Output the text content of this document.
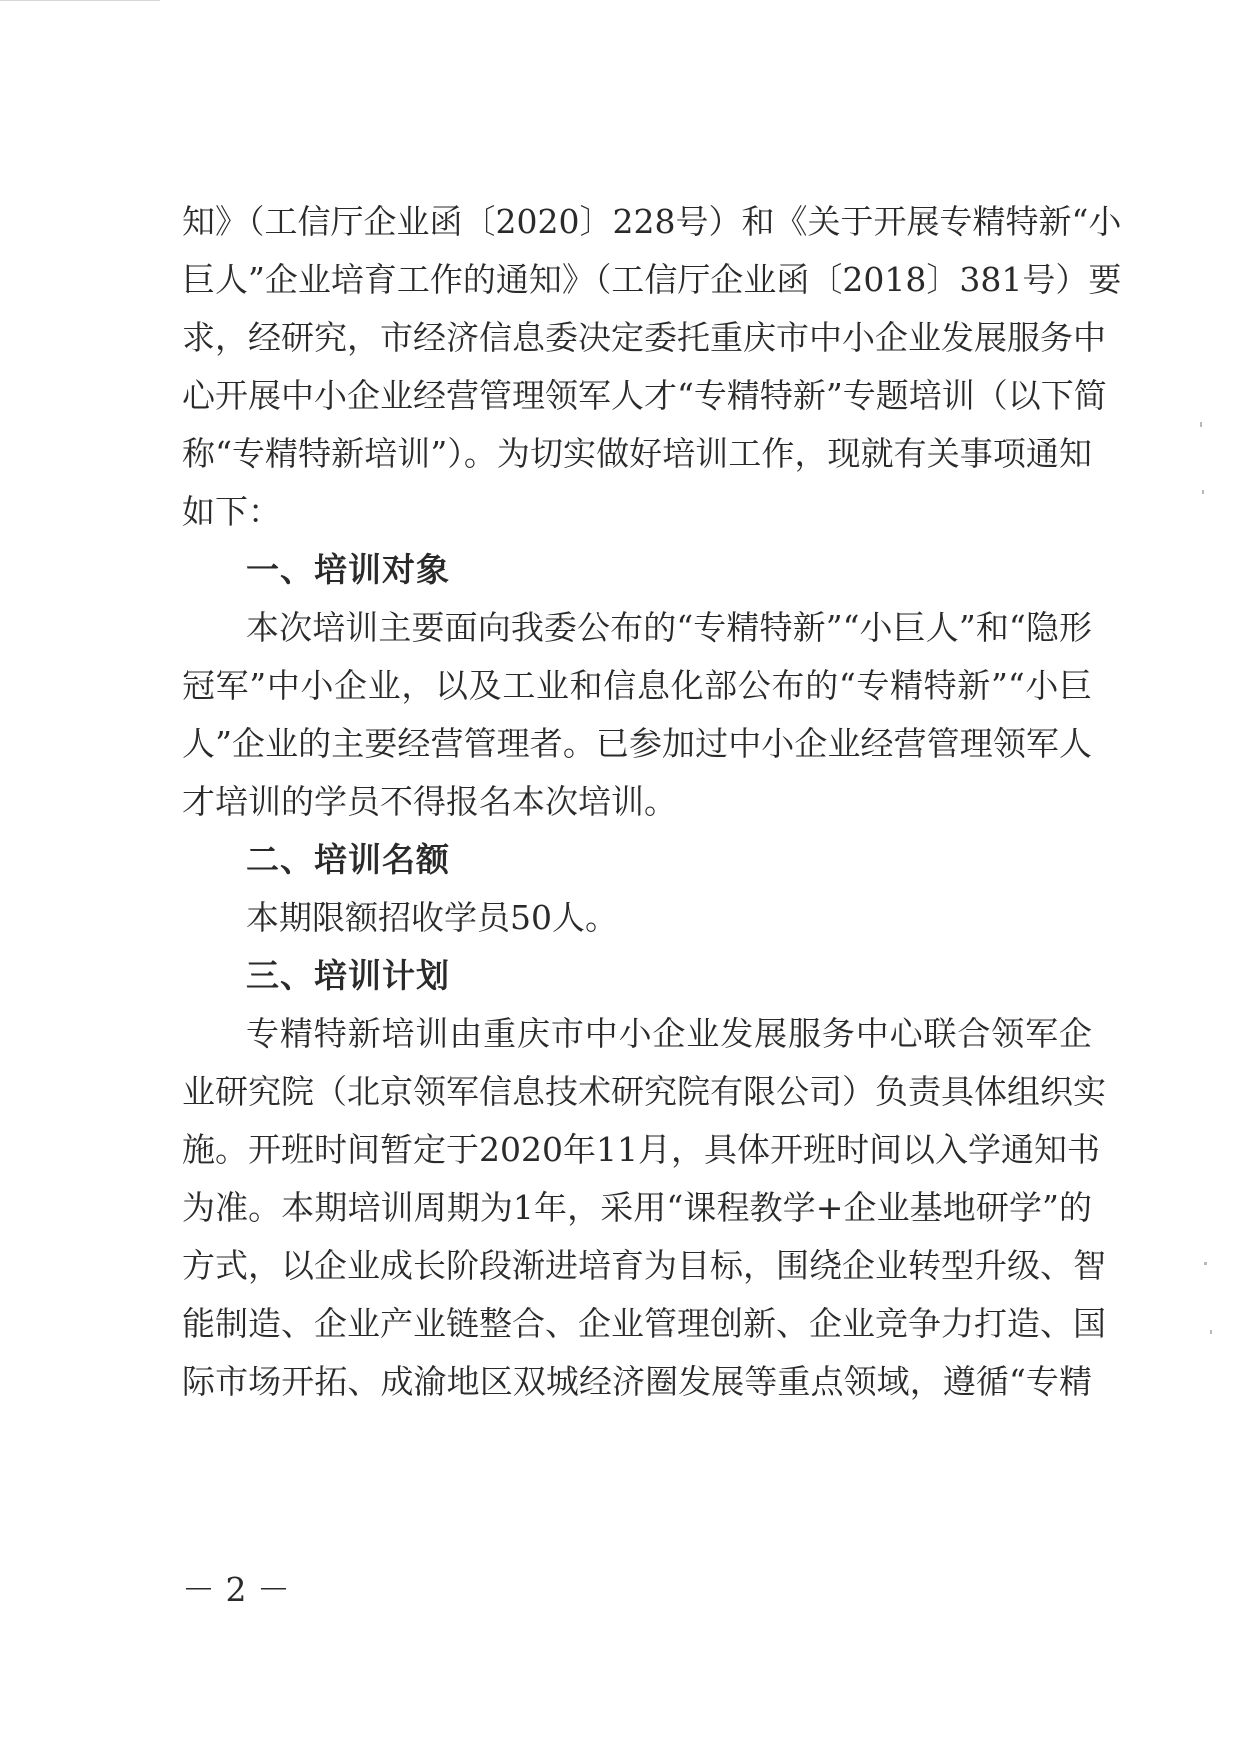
知》（工信厅企业函〔2020〕228号）和《关于开展专精特新“小
巨人”企业培育工作的通知》（工信厅企业函〔2018〕381号）要
求，经研究，市经济信息委决定委托重庆市中小企业发展服务中
心开展中小企业经营管理领军人才“专精特新”专题培训（以下简
称“专精特新培训”）。为切实做好培训工作，现就有关事项通知
如下：
一、培训对象
本次培训主要面向我委公布的“专精特新”“小巨人”和“隐形
冠军”中小企业，以及工业和信息化部公布的“专精特新”“小巨
人”企业的主要经营管理者。已参加过中小企业经营管理领军人
才培训的学员不得报名本次培训。
二、培训名额
本期限额招收学员50人。
三、培训计划
专精特新培训由重庆市中小企业发展服务中心联合领军企
业研究院（北京领军信息技术研究院有限公司）负责具体组织实
施。开班时间暂定于2020年11月，具体开班时间以入学通知书
为准。本期培训周期为1年，采用“课程教学+企业基地研学”的
方式，以企业成长阶段渐进培育为目标，围绕企业转型升级、智
能制造、企业产业链整合、企业管理创新、企业竞争力打造、国
际市场开拓、成渝地区双城经济圈发展等重点领域，遵循“专精
－ 2 －
